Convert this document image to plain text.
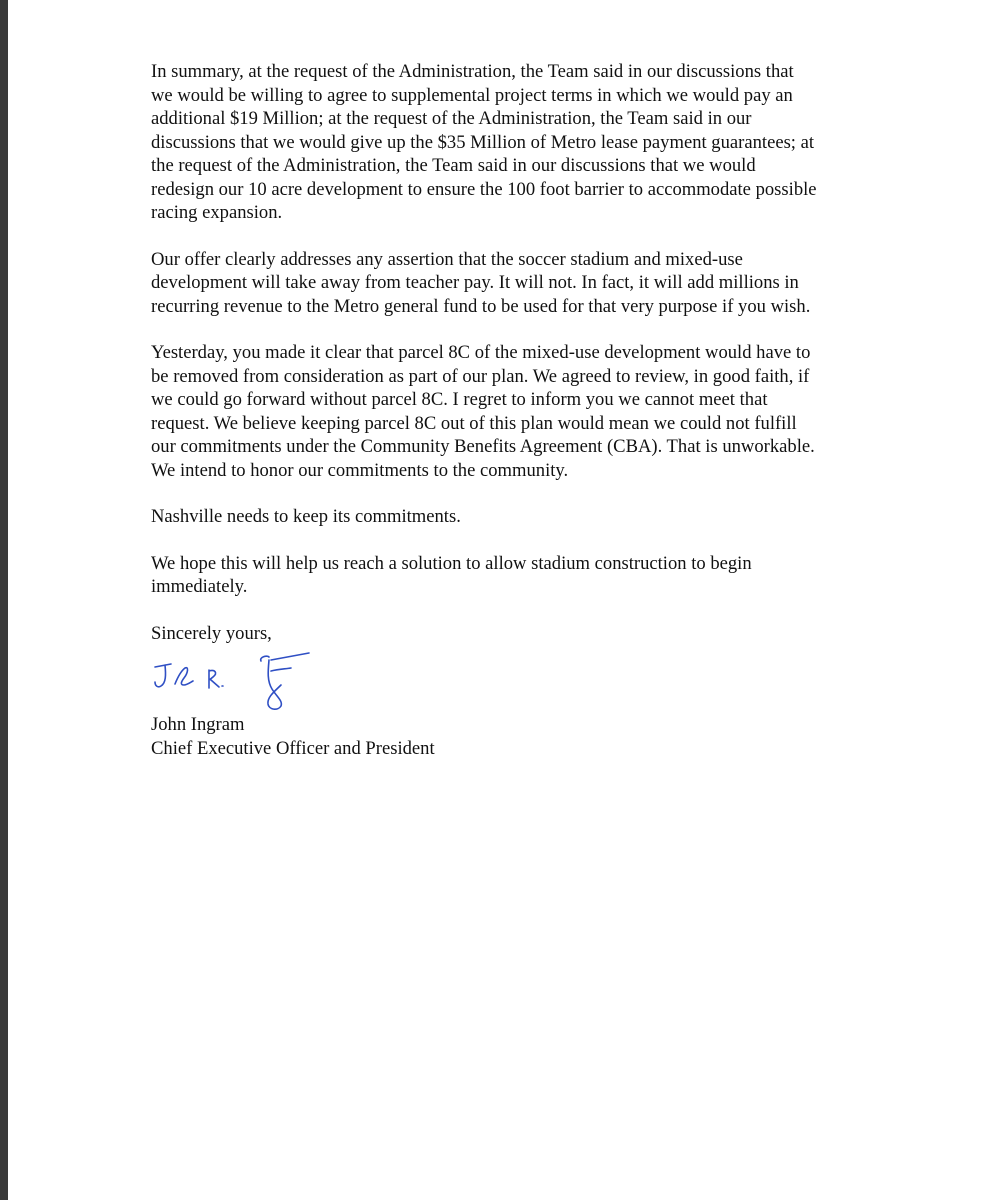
In summary, at the request of the Administration, the Team said in our discussions that
we would be willing to agree to supplemental project terms in which we would pay an
additional $19 Million; at the request of the Administration, the Team said in our
discussions that we would give up the $35 Million of Metro lease payment guarantees; at
the request of the Administration, the Team said in our discussions that we would
redesign our 10 acre development to ensure the 100 foot barrier to accommodate possible
racing expansion.

Our offer clearly addresses any assertion that the soccer stadium and mixed-use
development will take away from teacher pay. It will not. In fact, it will add millions in
recurring revenue to the Metro general fund to be used for that very purpose if you wish.

Yesterday, you made it clear that parcel 8C of the mixed-use development would have to
be removed from consideration as part of our plan. We agreed to review, in good faith, if
we could go forward without parcel 8C. I regret to inform you we cannot meet that
request. We believe keeping parcel 8C out of this plan would mean we could not fulfill
our commitments under the Community Benefits Agreement (CBA). That is unworkable.
We intend to honor our commitments to the community.

Nashville needs to keep its commitments.

We hope this will help us reach a solution to allow stadium construction to begin
immediately.

Sincerely yours,

John Ingram

Chief Executive Officer and President
